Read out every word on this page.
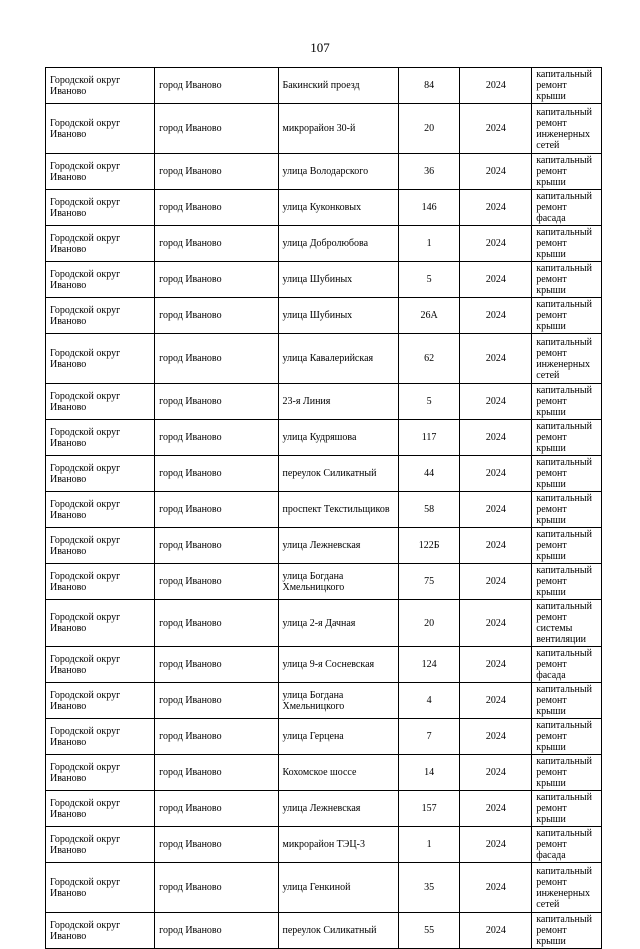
107
Городской округ Иваново	город Иваново	Бакинский проезд	84	2024	капитальный ремонт крыши
Городской округ Иваново	город Иваново	микрорайон 30-й	20	2024	капитальный ремонт инженерных сетей
Городской округ Иваново	город Иваново	улица Володарского	36	2024	капитальный ремонт крыши
Городской округ Иваново	город Иваново	улица Куконковых	146	2024	капитальный ремонт фасада
Городской округ Иваново	город Иваново	улица Добролюбова	1	2024	капитальный ремонт крыши
Городской округ Иваново	город Иваново	улица Шубиных	5	2024	капитальный ремонт крыши
Городской округ Иваново	город Иваново	улица Шубиных	26А	2024	капитальный ремонт крыши
Городской округ Иваново	город Иваново	улица Кавалерийская	62	2024	капитальный ремонт инженерных сетей
Городской округ Иваново	город Иваново	23-я Линия	5	2024	капитальный ремонт крыши
Городской округ Иваново	город Иваново	улица Кудряшова	117	2024	капитальный ремонт крыши
Городской округ Иваново	город Иваново	переулок Силикатный	44	2024	капитальный ремонт крыши
Городской округ Иваново	город Иваново	проспект Текстильщиков	58	2024	капитальный ремонт крыши
Городской округ Иваново	город Иваново	улица Лежневская	122Б	2024	капитальный ремонт крыши
Городской округ Иваново	город Иваново	улица Богдана Хмельницкого	75	2024	капитальный ремонт крыши
Городской округ Иваново	город Иваново	улица 2-я Дачная	20	2024	капитальный ремонт системы вентиляции
Городской округ Иваново	город Иваново	улица 9-я Сосневская	124	2024	капитальный ремонт фасада
Городской округ Иваново	город Иваново	улица Богдана Хмельницкого	4	2024	капитальный ремонт крыши
Городской округ Иваново	город Иваново	улица Герцена	7	2024	капитальный ремонт крыши
Городской округ Иваново	город Иваново	Кохомское шоссе	14	2024	капитальный ремонт крыши
Городской округ Иваново	город Иваново	улица Лежневская	157	2024	капитальный ремонт крыши
Городской округ Иваново	город Иваново	микрорайон ТЭЦ-3	1	2024	капитальный ремонт фасада
Городской округ Иваново	город Иваново	улица Генкиной	35	2024	капитальный ремонт инженерных сетей
Городской округ Иваново	город Иваново	переулок Силикатный	55	2024	капитальный ремонт крыши
